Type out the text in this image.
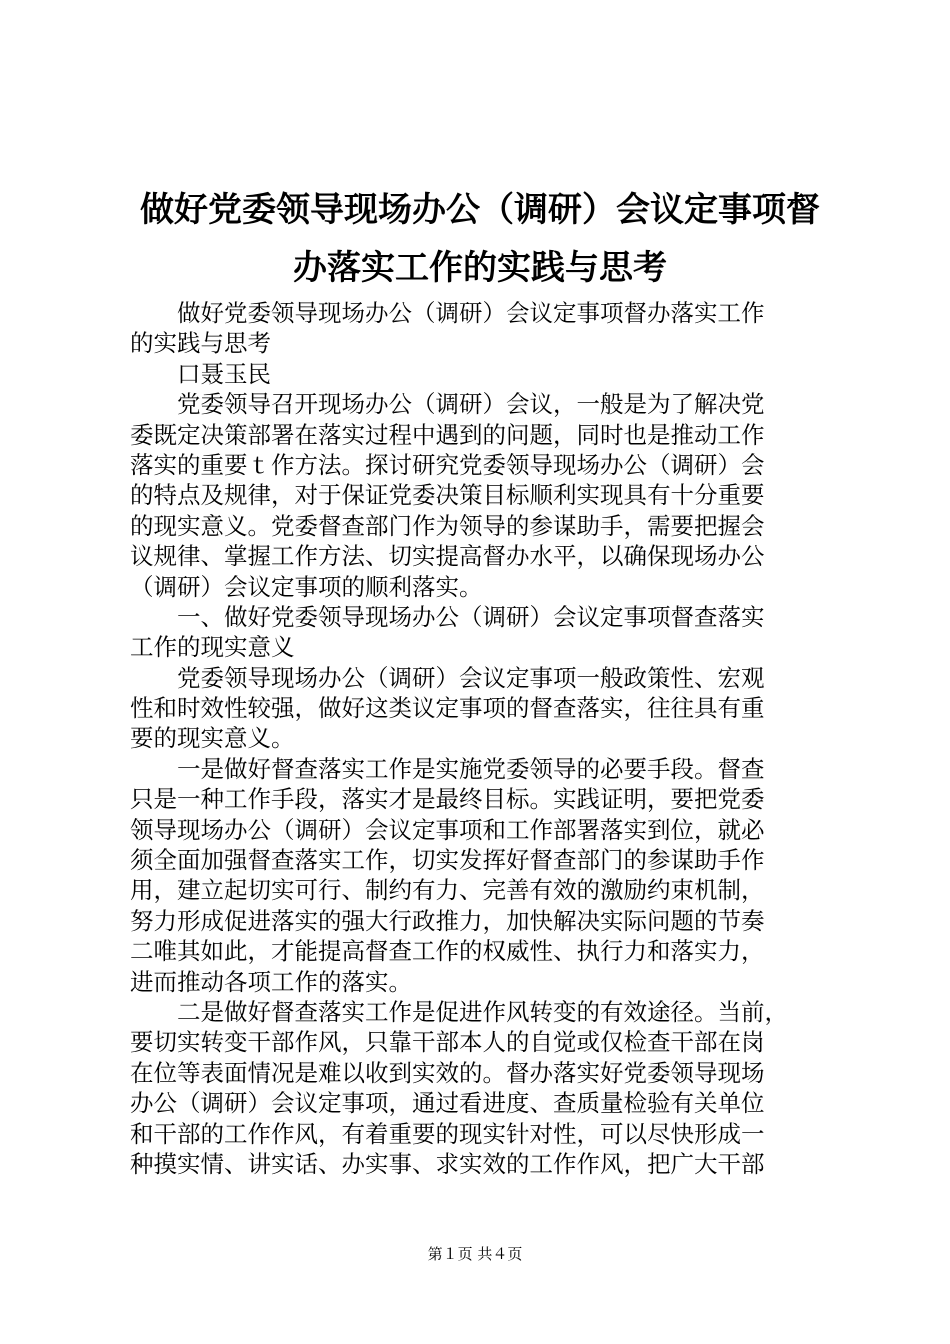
做好党委领导现场办公（调研）会议定事项督
办落实工作的实践与思考
　　做好党委领导现场办公（调研）会议定事项督办落实工作
的实践与思考
　　口聂玉民
　　党委领导召开现场办公（调研）会议，一般是为了解决党
委既定决策部署在落实过程中遇到的问题，同时也是推动工作
落实的重要ｔ作方法。探讨研究党委领导现场办公（调研）会
的特点及规律，对于保证党委决策目标顺利实现具有十分重要
的现实意义。党委督查部门作为领导的参谋助手，需要把握会
议规律、掌握工作方法、切实提高督办水平，以确保现场办公
（调研）会议定事项的顺利落实。
　　一、做好党委领导现场办公（调研）会议定事项督查落实
工作的现实意义
　　党委领导现场办公（调研）会议定事项一般政策性、宏观
性和时效性较强，做好这类议定事项的督查落实，往往具有重
要的现实意义。
　　一是做好督查落实工作是实施党委领导的必要手段。督查
只是一种工作手段，落实才是最终目标。实践证明，要把党委
领导现场办公（调研）会议定事项和工作部署落实到位，就必
须全面加强督查落实工作，切实发挥好督查部门的参谋助手作
用，建立起切实可行、制约有力、完善有效的激励约束机制，
努力形成促进落实的强大行政推力，加快解决实际问题的节奏
二唯其如此，才能提高督查工作的权威性、执行力和落实力，
进而推动各项工作的落实。
　　二是做好督查落实工作是促进作风转变的有效途径。当前，
要切实转变干部作风，只靠干部本人的自觉或仅检查干部在岗
在位等表面情况是难以收到实效的。督办落实好党委领导现场
办公（调研）会议定事项，通过看进度、查质量检验有关单位
和干部的工作作风，有着重要的现实针对性，可以尽快形成一
种摸实情、讲实话、办实事、求实效的工作作风，把广大干部
第１页 共４页
